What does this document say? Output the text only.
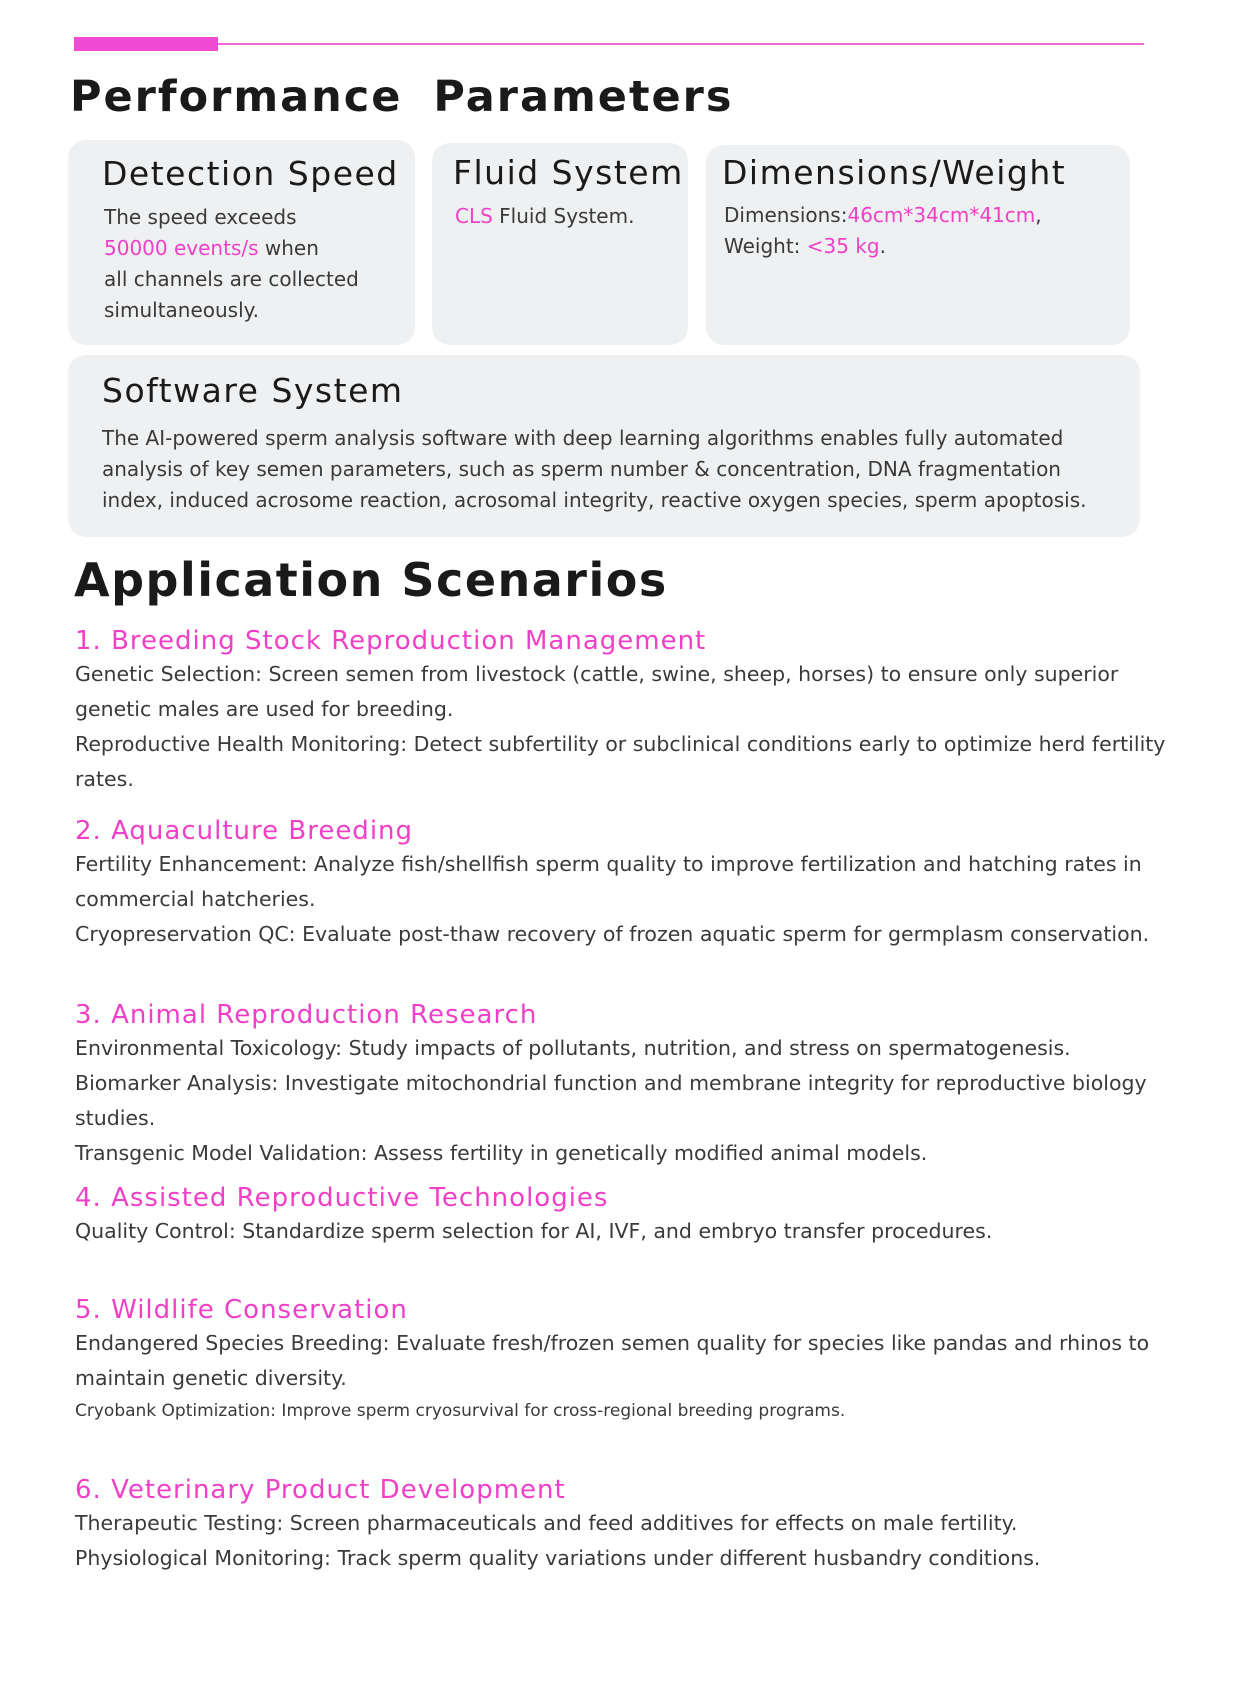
Performance Parameters
Detection Speed

The speed exceeds
50000 events/s when
all channels are collected
simultaneously.

Fluid System

CLS Fluid System.

Dimensions/Weight

Dimensions:46cm*34cm*41cm,
Weight: <35 kg.

Software System

The AI-powered sperm analysis software with deep learning algorithms enables fully automated analysis of key semen parameters, such as sperm number & concentration, DNA fragmentation index, induced acrosome reaction, acrosomal integrity, reactive oxygen species, sperm apoptosis.

Application Scenarios
1. Breeding Stock Reproduction Management

Genetic Selection: Screen semen from livestock (cattle, swine, sheep, horses) to ensure only superior genetic males are used for breeding.

Reproductive Health Monitoring: Detect subfertility or subclinical conditions early to optimize herd fertility rates.

2. Aquaculture Breeding

Fertility Enhancement: Analyze fish/shellfish sperm quality to improve fertilization and hatching rates in commercial hatcheries.

Cryopreservation QC: Evaluate post-thaw recovery of frozen aquatic sperm for germplasm conservation.

3. Animal Reproduction Research

Environmental Toxicology: Study impacts of pollutants, nutrition, and stress on spermatogenesis.

Biomarker Analysis: Investigate mitochondrial function and membrane integrity for reproductive biology studies.

Transgenic Model Validation: Assess fertility in genetically modified animal models.

4. Assisted Reproductive Technologies

Quality Control: Standardize sperm selection for AI, IVF, and embryo transfer procedures.

5. Wildlife Conservation

Endangered Species Breeding: Evaluate fresh/frozen semen quality for species like pandas and rhinos to maintain genetic diversity.

Cryobank Optimization: Improve sperm cryosurvival for cross-regional breeding programs.

6. Veterinary Product Development

Therapeutic Testing: Screen pharmaceuticals and feed additives for effects on male fertility.

Physiological Monitoring: Track sperm quality variations under different husbandry conditions.
